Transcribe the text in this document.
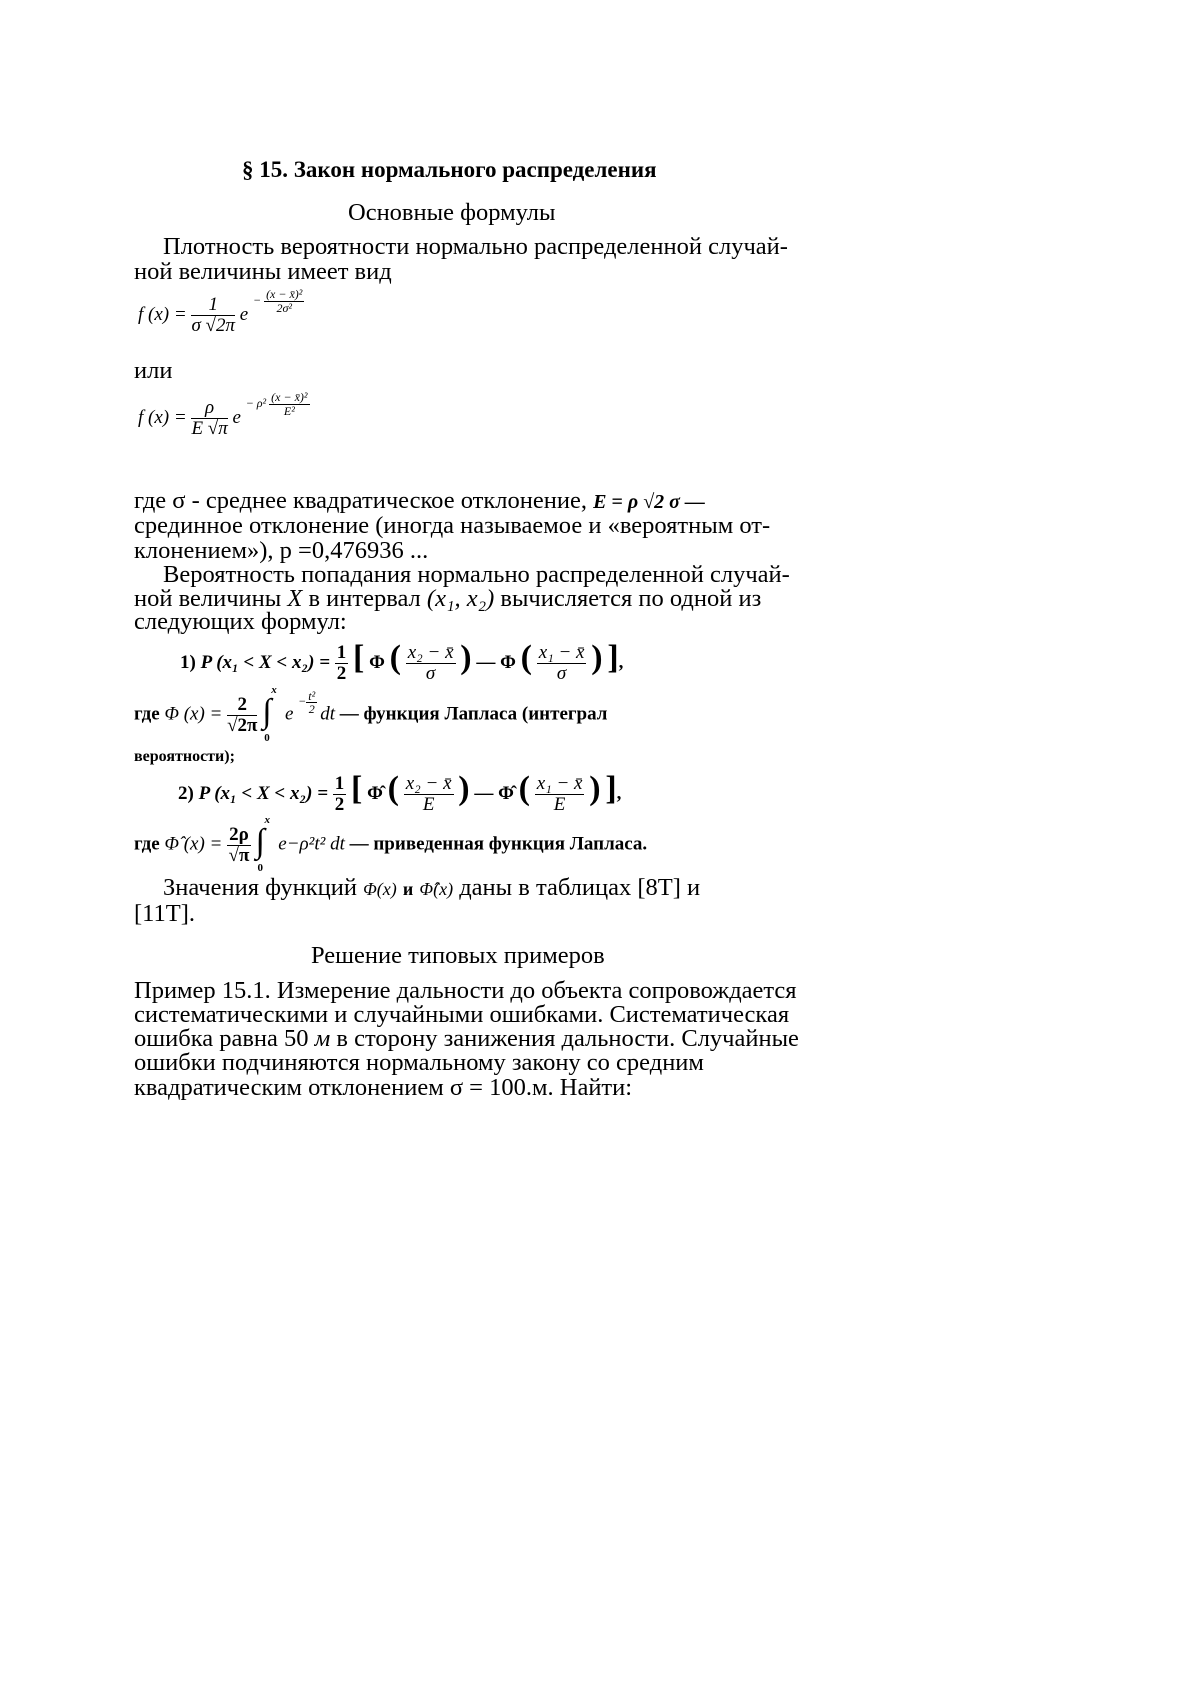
§ 15. Закон нормального распределения
Основные формулы
Плотность вероятности нормально распределенной случай-
ной величины имеет вид
f $(x) = \frac{1}{\sigma √2\pi}$ e $^{- \frac{\text{(x − x̄)²}}{\text{2σ²}}}$
или
f $(x) = \frac{\rho}{E √\pi}$ e $^{- \rho^2 \frac{\text{(x − x̄)²}}{\text{E²}}}$
где σ - среднее квадратическое отклонение, E = ρ √2 σ —
срединное отклонение (иногда называемое и «вероятным от-
клонением»), р =0,476936 ...
Вероятность попадания нормально распределенной случай-
ной величины X в интервал (x₁, x₂) вычисляется по одной из
следующих формул:
1) P $(x_1 < X < x_2) = \frac{1}{2}$ [ Φ ( $\frac{\text{x₂ − x̄}}{\sigma}$ ) — Φ ( $\frac{\text{x₁ − x̄}}{\sigma}$ ) ],
где Φ $(x) = \frac{2}{√2\pi}$

x
∫
0
e $^{- \frac{\text{t²}}{2}}$ dt — функция Лапласа (интеграл
вероятности);
2) P $(x_1 < X < x_2) = \frac{1}{2}$ [ Φ̂ ( $\frac{\text{x₂ − x̄}}{E}$ ) — Φ̂ ( $\frac{\text{x₁ − x̄}}{E}$ ) ],
где Φ̂ $(x) = \frac{2\rho}{√\pi}$

x
∫
0
e−ρ²t² dt — приведенная функция Лапласа.
Значения функций Φ(x) и Φ̂(x) даны в таблицах [8T] и
[11T].
Решение типовых примеров
Пример 15.1. Измерение дальности до объекта сопровождается
систематическими и случайными ошибками. Систематическая
ошибка равна 50 м в сторону занижения дальности. Случайные
ошибки подчиняются нормальному закону со средним
квадратическим отклонением σ = 100.м. Найти:
